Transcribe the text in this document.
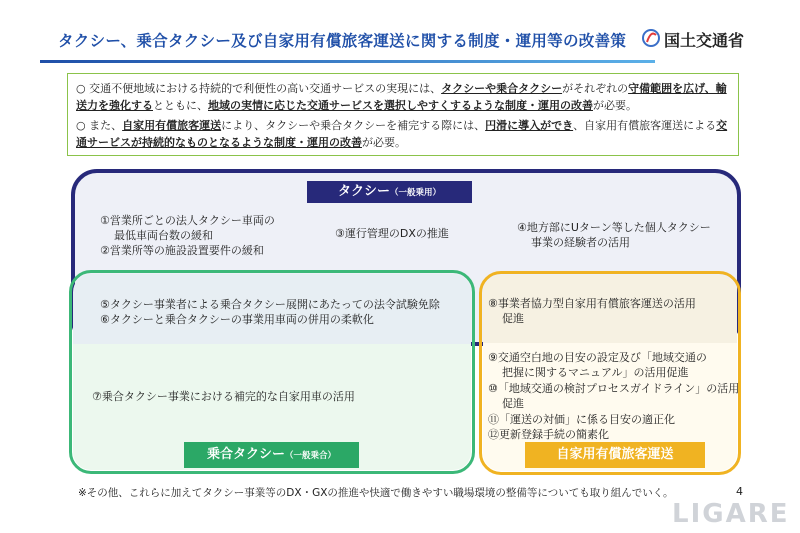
タクシー、乗合タクシー及び自家用有償旅客運送に関する制度・運用等の改善策 国土交通省

○ 交通不便地域における持続的で利便性の高い交通サービスの実現には、タクシーや乗合タクシーがそれぞれの守備範囲を広げ、輸送力を強化するとともに、地域の実情に応じた交通サービスを選択しやすくするような制度・運用の改善が必要。

○ また、自家用有償旅客運送により、タクシーや乗合タクシーを補完する際には、円滑に導入ができ、自家用有償旅客運送による交通サービスが持続的なものとなるような制度・運用の改善が必要。

タクシー（一般乗用）
①営業所ごとの法人タクシー車両の
最低車両台数の緩和
②営業所等の施設設置要件の緩和
③運行管理のDXの推進	④地方部にUターン等した個人タクシー
事業の経験者の活用
⑤タクシー事業者による乗合タクシー展開にあたっての法令試験免除
⑥タクシーと乗合タクシーの事業用車両の併用の柔軟化
⑧事業者協力型自家用有償旅客運送の活用
促進
⑦乗合タクシー事業における補完的な自家用車の活用
乗合タクシー（一般乗合）
⑨交通空白地の目安の設定及び「地域交通の
把握に関するマニュアル」の活用促進
⑩「地域交通の検討プロセスガイドライン」の活用
促進
⑪「運送の対価」に係る目安の適正化
⑫更新登録手続の簡素化
自家用有償旅客運送
※その他、これらに加えてタクシー事業等のDX・GXの推進や快適で働きやすい職場環境の整備等についても取り組んでいく。	4
LIGARE
